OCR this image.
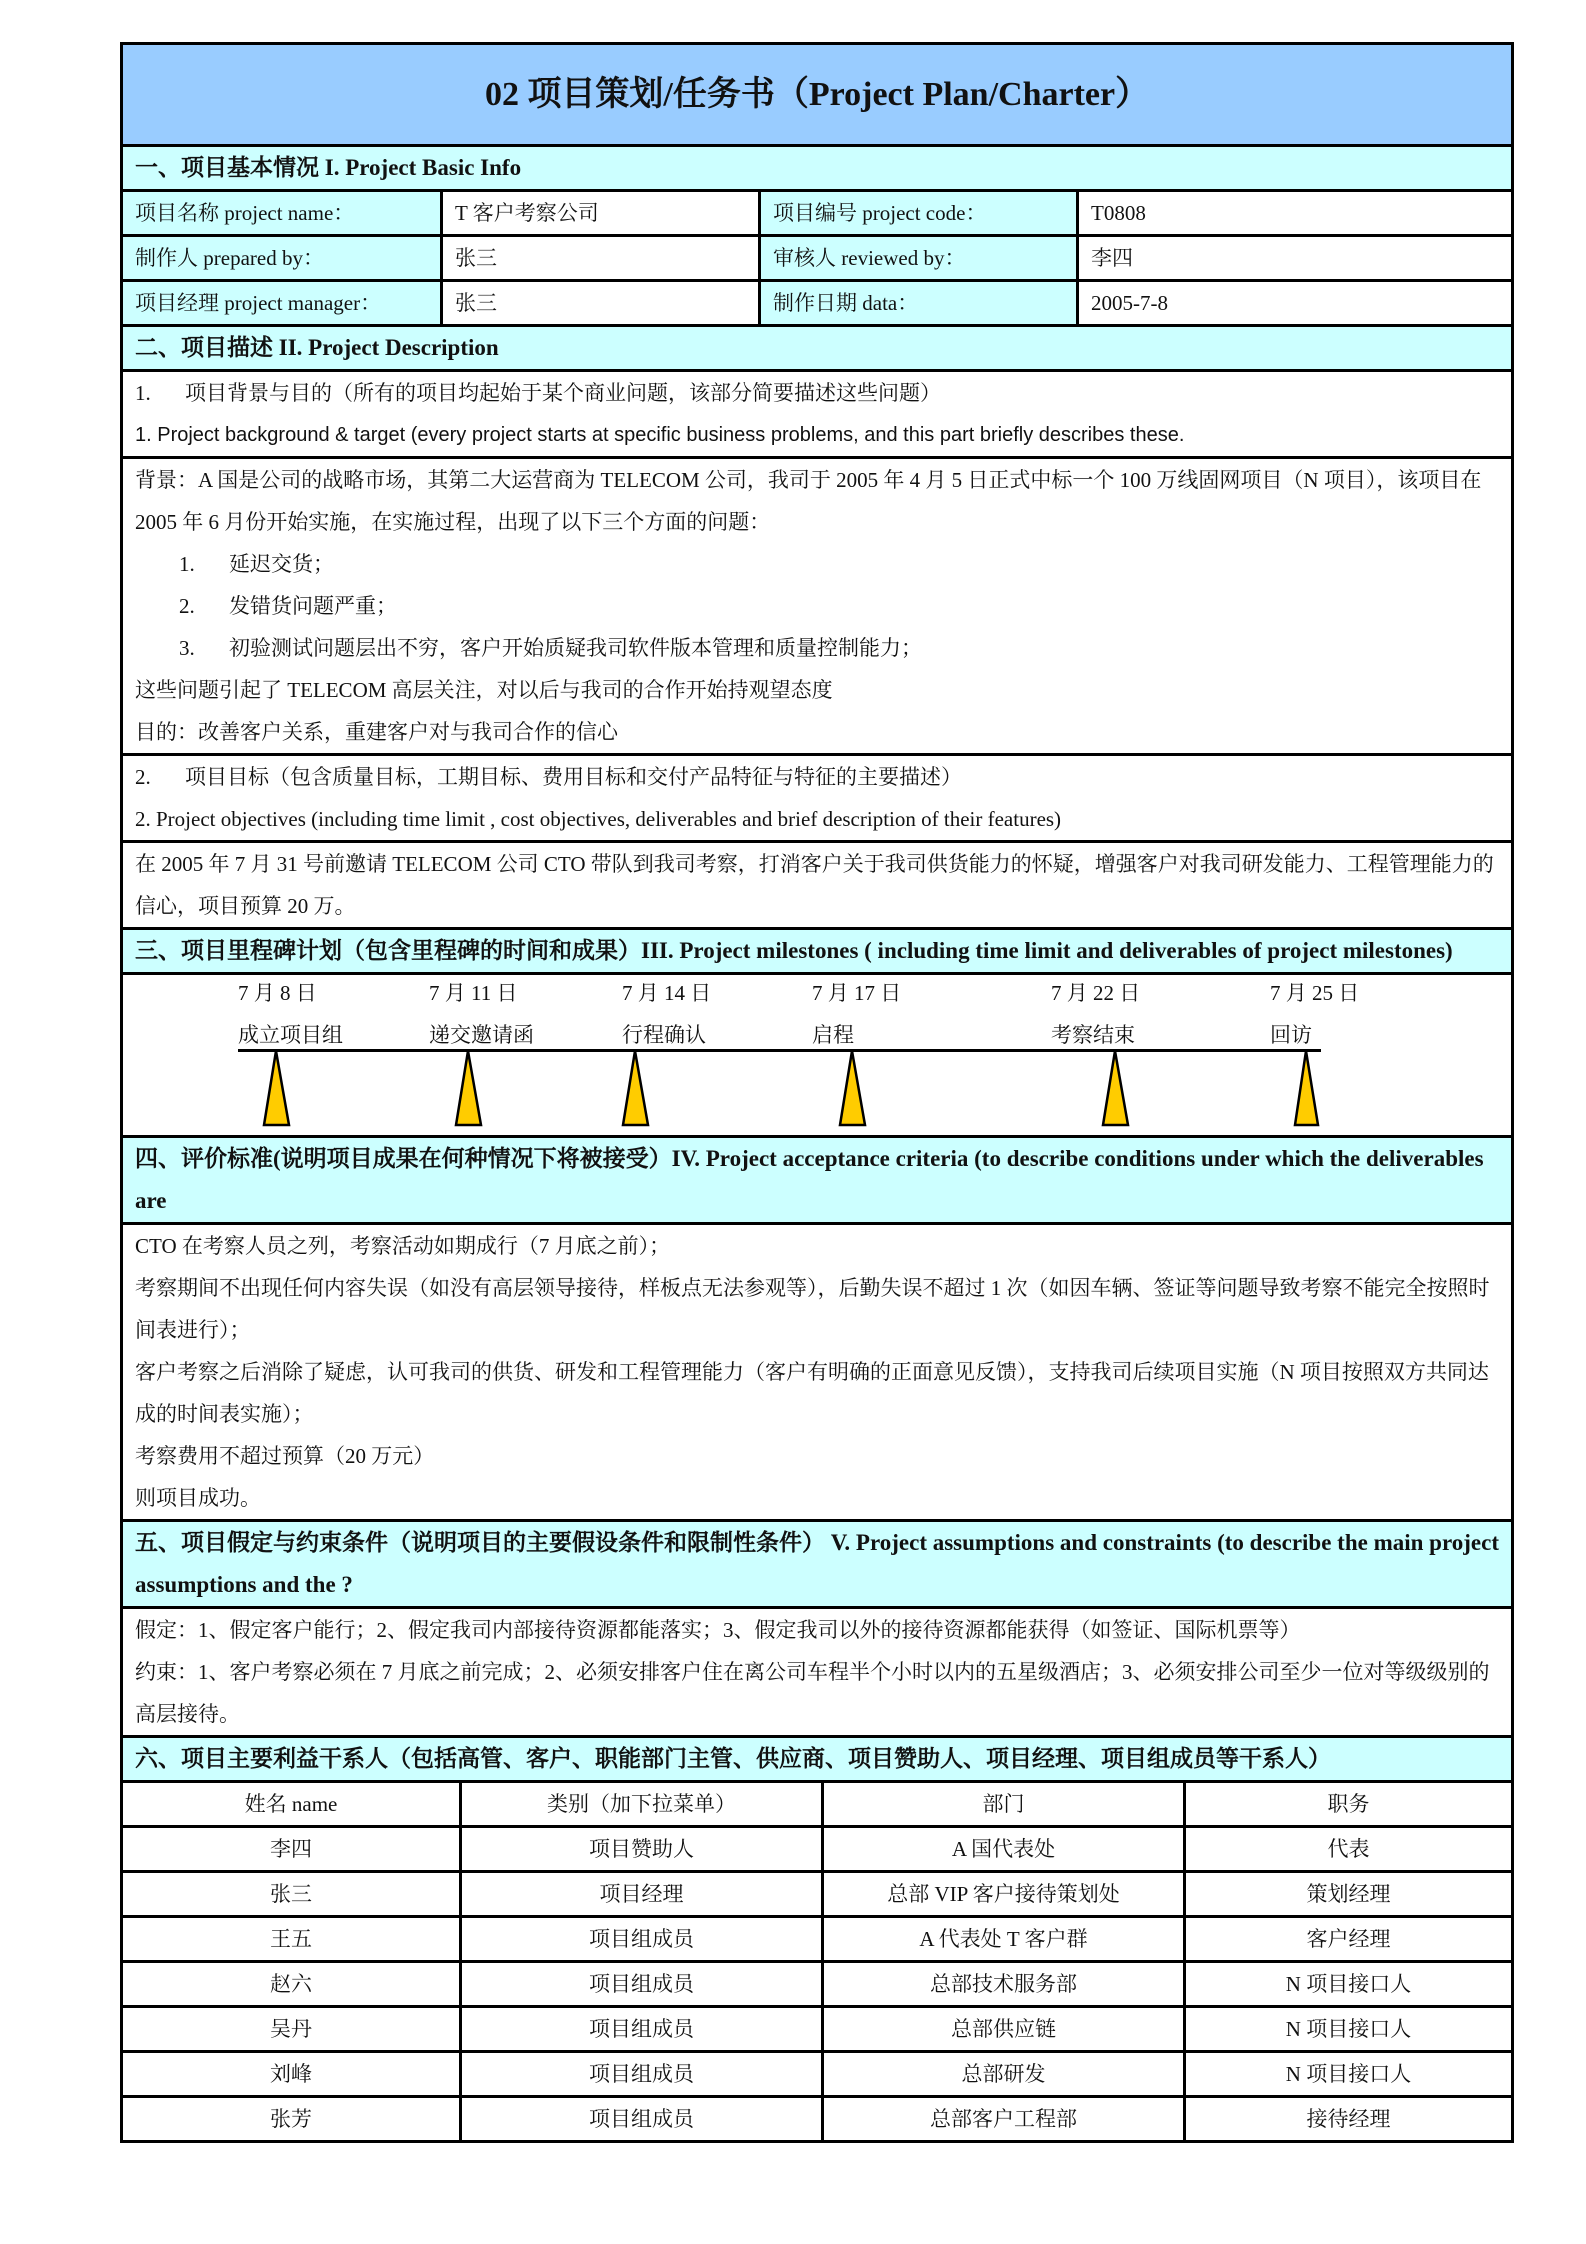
02 项目策划/任务书（Project Plan/Charter）			
一、项目基本情况 I. Project Basic Info			
项目名称 project name：	T 客户考察公司	项目编号 project code：	T0808
制作人 prepared by：	张三	审核人 reviewed by：	李四
项目经理 project manager：	张三	制作日期 data：	2005-7-8
二、项目描述 II. Project Description			

1. 项目背景与目的（所有的项目均起始于某个商业问题，该部分简要描述这些问题）
1. Project background & target (every project starts at specific business problems, and this part briefly describes these.			

背景：A 国是公司的战略市场，其第二大运营商为 TELECOM 公司，我司于 2005 年 4 月 5 日正式中标一个 100 万线固网项目（N 项目），该项目在 2005 年 6 月份开始实施，在实施过程，出现了以下三个方面的问题：
1. 延迟交货；
2. 发错货问题严重；
3. 初验测试问题层出不穷，客户开始质疑我司软件版本管理和质量控制能力；
这些问题引起了 TELECOM 高层关注，对以后与我司的合作开始持观望态度
目的：改善客户关系，重建客户对与我司合作的信心

2. 项目目标（包含质量目标，工期目标、费用目标和交付产品特征与特征的主要描述）
2. Project objectives (including time limit , cost objectives, deliverables and brief description of their features)			

在 2005 年 7 月 31 号前邀请 TELECOM 公司 CTO 带队到我司考察，打消客户关于我司供货能力的怀疑，增强客户对我司研发能力、工程管理能力的信心，项目预算 20 万。			
三、项目里程碑计划（包含里程碑的时间和成果）III. Project milestones ( including time limit and deliverables of project milestones)			

7 月 8 日
成立项目组
7 月 11 日
递交邀请函
7 月 14 日
行程确认
7 月 17 日
启程
7 月 22 日
考察结束
7 月 25 日
回访

四、评价标准(说明项目成果在何种情况下将被接受）IV. Project acceptance criteria (to describe conditions under which the deliverables are			

CTO 在考察人员之列，考察活动如期成行（7 月底之前）；
考察期间不出现任何内容失误（如没有高层领导接待，样板点无法参观等），后勤失误不超过 1 次（如因车辆、签证等问题导致考察不能完全按照时间表进行）；
客户考察之后消除了疑虑，认可我司的供货、研发和工程管理能力（客户有明确的正面意见反馈），支持我司后续项目实施（N 项目按照双方共同达成的时间表实施）；
考察费用不超过预算（20 万元）
则项目成功。			

五、项目假定与约束条件（说明项目的主要假设条件和限制性条件） V. Project assumptions and constraints (to describe the main project assumptions and the ?			

假定：1、假定客户能行；2、假定我司内部接待资源都能落实；3、假定我司以外的接待资源都能获得（如签证、国际机票等）
约束：1、客户考察必须在 7 月底之前完成；2、必须安排客户住在离公司车程半个小时以内的五星级酒店；3、必须安排公司至少一位对等级级别的高层接待。			

六、项目主要利益干系人（包括高管、客户、职能部门主管、供应商、项目赞助人、项目经理、项目组成员等干系人）			
姓名 name	类别（加下拉菜单）	部门	职务
李四	项目赞助人	A 国代表处	代表
张三	项目经理	总部 VIP 客户接待策划处	策划经理
王五	项目组成员	A 代表处 T 客户群	客户经理
赵六	项目组成员	总部技术服务部	N 项目接口人
吴丹	项目组成员	总部供应链	N 项目接口人
刘峰	项目组成员	总部研发	N 项目接口人
张芳	项目组成员	总部客户工程部	接待经理
